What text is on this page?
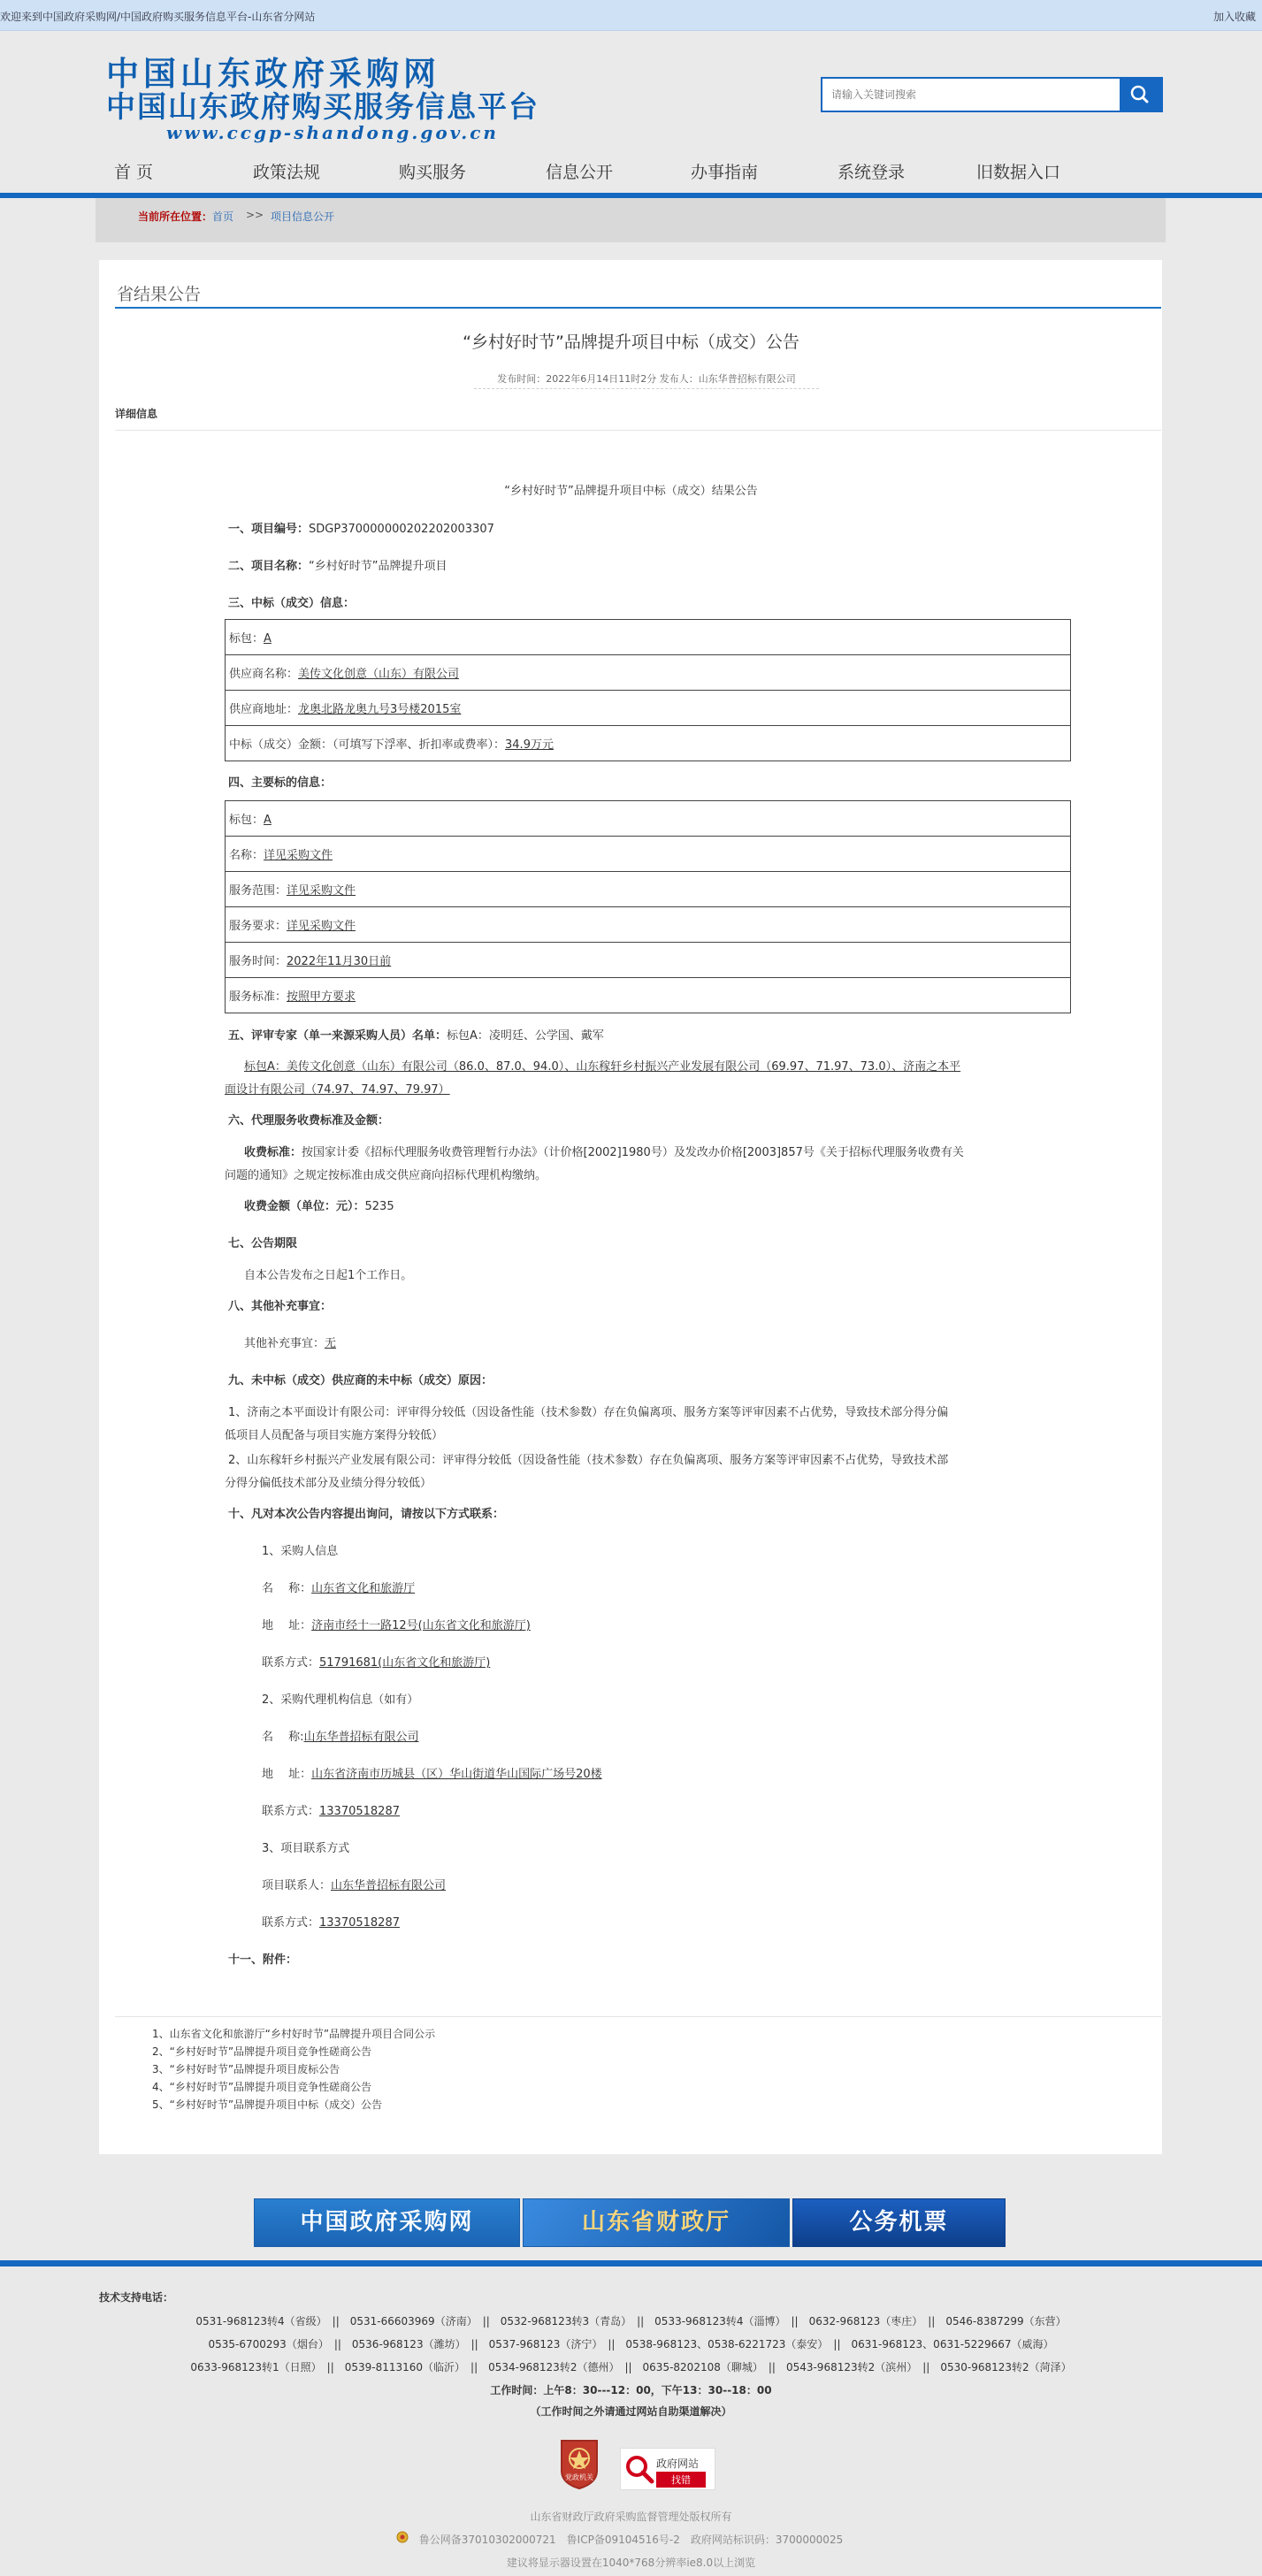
欢迎来到中国政府采购网/中国政府购买服务信息平台-山东省分网站	加入收藏
中国山东政府采购网
中国山东政府购买服务信息平台
www.ccgp-shandong.gov.cn
请输入关键词搜索
首 页	政策法规	购买服务	信息公开	办事指南	系统登录	旧数据入口
当前所在位置： 首页 >> 项目信息公开
省结果公告
“乡村好时节”品牌提升项目中标（成交）公告
发布时间：2022年6月14日11时2分 发布人：山东华普招标有限公司
详细信息
“乡村好时节”品牌提升项目中标（成交）结果公告
一、项目编号：SDGP370000000202202003307
二、项目名称：“乡村好时节”品牌提升项目
三、中标（成交）信息：
标包：A
供应商名称：美传文化创意（山东）有限公司
供应商地址：龙奥北路龙奥九号3号楼2015室
中标（成交）金额：（可填写下浮率、折扣率或费率）：34.9万元
四、主要标的信息：
标包：A
名称：详见采购文件
服务范围：详见采购文件
服务要求：详见采购文件
服务时间：2022年11月30日前
服务标准：按照甲方要求
五、评审专家（单一来源采购人员）名单：标包A：凌明廷、公学国、戴军
标包A：美传文化创意（山东）有限公司（86.0、87.0、94.0）、山东稼轩乡村振兴产业发展有限公司（69.97、71.97、73.0）、济南之本平
面设计有限公司（74.97、74.97、79.97）
六、代理服务收费标准及金额：
收费标准：按国家计委《招标代理服务收费管理暂行办法》（计价格[2002]1980号）及发改办价格[2003]857号《关于招标代理服务收费有关
问题的通知》之规定按标准由成交供应商向招标代理机构缴纳。
收费金额（单位：元）：5235
七、公告期限
自本公告发布之日起1个工作日。
八、其他补充事宜：
其他补充事宜：无
九、未中标（成交）供应商的未中标（成交）原因：
1、济南之本平面设计有限公司：评审得分较低（因设备性能（技术参数）存在负偏离项、服务方案等评审因素不占优势，导致技术部分得分偏
低项目人员配备与项目实施方案得分较低）
2、山东稼轩乡村振兴产业发展有限公司：评审得分较低（因设备性能（技术参数）存在负偏离项、服务方案等评审因素不占优势，导致技术部
分得分偏低技术部分及业绩分得分较低）
十、凡对本次公告内容提出询问，请按以下方式联系：
1、采购人信息
名　 称：山东省文化和旅游厅
地　 址：济南市经十一路12号(山东省文化和旅游厅)
联系方式：51791681(山东省文化和旅游厅)
2、采购代理机构信息（如有）
名　 称:山东华普招标有限公司
地　 址：山东省济南市历城县（区）华山街道华山国际广场号20楼
联系方式：13370518287
3、项目联系方式
项目联系人：山东华普招标有限公司
联系方式：13370518287
十一、附件：
1、山东省文化和旅游厅“乡村好时节”品牌提升项目合同公示
2、“乡村好时节”品牌提升项目竞争性磋商公告
3、“乡村好时节”品牌提升项目废标公告
4、“乡村好时节”品牌提升项目竞争性磋商公告
5、“乡村好时节”品牌提升项目中标（成交）公告
中国政府采购网	山东省财政厅	公务机票
技术支持电话：
0531-968123转4（省级）　||　0531-66603969（济南）　||　0532-968123转3（青岛）　||　0533-968123转4（淄博）　||　0632-968123（枣庄）　||　0546-8387299（东营）
0535-6700293（烟台）　||　0536-968123（潍坊）　||　0537-968123（济宁）　||　0538-968123、0538-6221723（泰安）　||　0631-968123、0631-5229667（威海）
0633-968123转1（日照）　||　0539-8113160（临沂）　||　0534-968123转2（德州）　||　0635-8202108（聊城）　||　0543-968123转2（滨州）　||　0530-968123转2（菏泽）
工作时间：上午8：30---12：00，下午13：30--18：00
（工作时间之外请通过网站自助渠道解决）
党政机关
政府网站
找错
山东省财政厅政府采购监督管理处版权所有
鲁公网备37010302000721　鲁ICP备09104516号-2　政府网站标识码：3700000025
建议将显示器设置在1040*768分辨率ie8.0以上浏览
